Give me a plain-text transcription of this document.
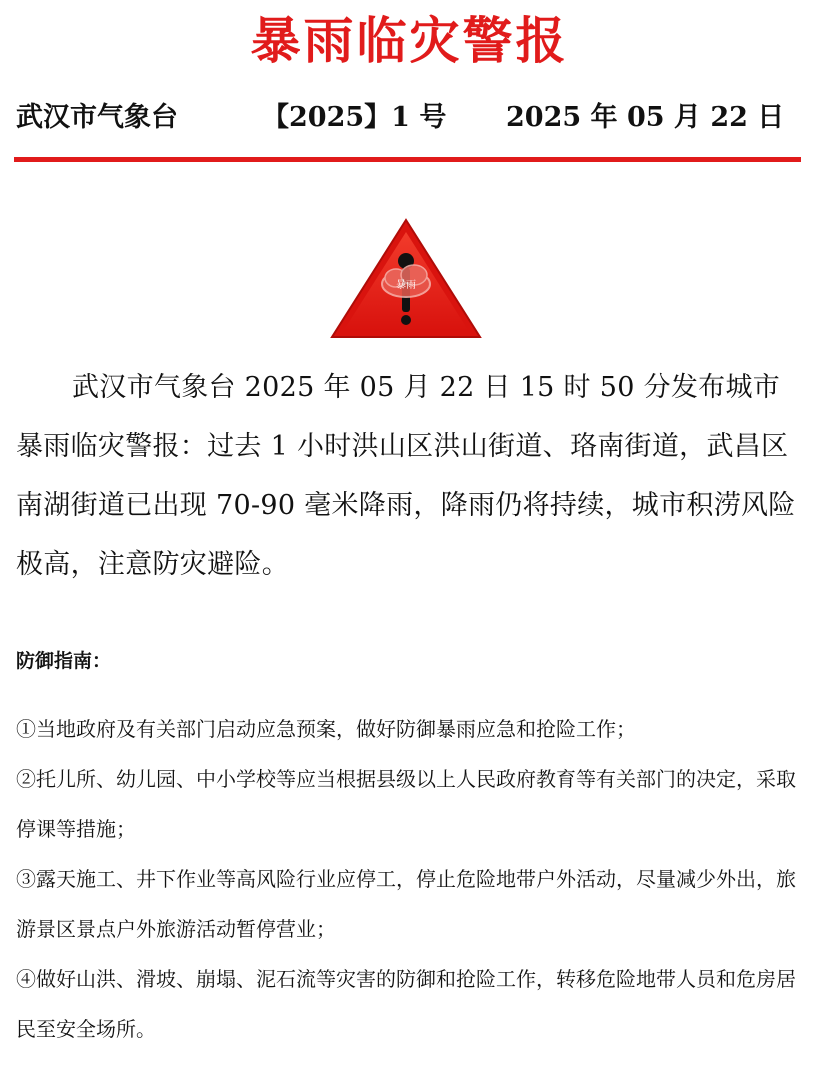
暴雨临灾警报
武汉市气象台	【2025】1 号 2025 年 05 月 22 日
暴雨

武汉市气象台 2025 年 05 月 22 日 15 时 50 分发布城市暴雨临灾警报：过去 1 小时洪山区洪山街道、珞南街道，武昌区南湖街道已出现 70-90 毫米降雨，降雨仍将持续，城市积涝风险极高，注意防灾避险。

防御指南：
①当地政府及有关部门启动应急预案，做好防御暴雨应急和抢险工作；
②托儿所、幼儿园、中小学校等应当根据县级以上人民政府教育等有关部门的决定，采取停课等措施；
③露天施工、井下作业等高风险行业应停工，停止危险地带户外活动，尽量减少外出，旅游景区景点户外旅游活动暂停营业；
④做好山洪、滑坡、崩塌、泥石流等灾害的防御和抢险工作，转移危险地带人员和危房居民至安全场所。
